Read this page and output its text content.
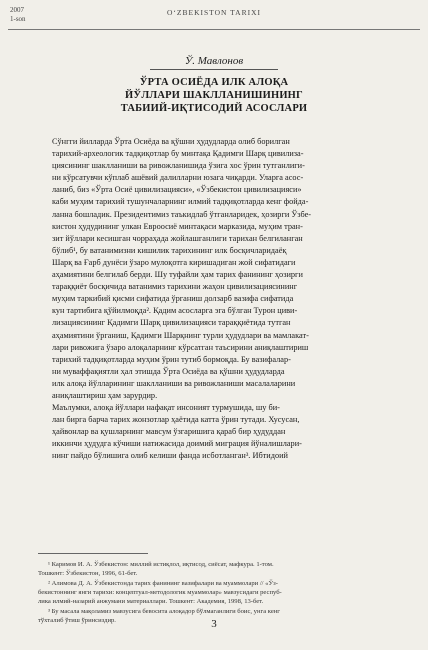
2007
1-son
O‘ZBEKISTON TARIXI
Ў. Мавлонов
ЎРТА ОСИЁДА ИЛК АЛОҚА
ЙЎЛЛАРИ ШАКЛЛАНИШИНИНГ
ТАБИИЙ-ИҚТИСОДИЙ АСОСЛАРИ

Сўнгги йилларда Ўрта Осиёда ва қўшни ҳудудларда олиб борилган
тарихий-археологик тадқиқотлар бу минтақа Қадимги Шарқ цивилиза-
циясининг шаклланиши ва ривожланишида ўзига хос ўрин тутганлиги-
ни кўрсатувчи кўплаб ашёвий далилларни юзага чиқарди. Уларга асос-
ланиб, биз «Ўрта Осиё цивилизацияси», «Ўзбекистон цивилизацияси»
каби муҳим тарихий тушунчаларнинг илмий тадқиқотларда кенг фойда-
ланна бошладик. Президентимиз таъкидлаб ўтганларидек, ҳозирги Ўзбе-
кистон ҳудудининг улкан Евроосиё минтақаси марказида, муҳим тран-
зит йўллари кесишган чорраҳада жойлашганлиги тарихан белгиланган
бўлиб¹, бу ватанимизни кишилик тарихининг илк босқичларидаёқ
Шарқ ва Ғарб дунёси ўзаро мулоқотга киришадиган жой сифатидаги
аҳамиятини белгилаб берди. Шу туфайли ҳам тарих фанининг ҳозирги
тараққиёт босқичида ватанимиз тарихини жаҳон цивилизациясининг
муҳим таркибий қисми сифатида ўрганиш долзарб вазифа сифатида
кун тартибига қўйилмоқда². Қадим асосларга эга бўлган Турон циви-
лизациясининг Қадимги Шарқ цивилизацияси тараққиётида тутган
аҳамиятини ўрганиш, Қадимги Шарқнинг турли ҳудудлари ва мамлакат-
лари ривожига ўзаро алоқаларнинг кўрсатган таъсирини аниқлаштириш
тарихий тадқиқотларда муҳим ўрин тутиб бормоқда. Бу вазифалар-
ни муваффақиятли ҳал этишда Ўрта Осиёда ва қўшни ҳудудларда
илк алоқа йўлларининг шаклланиши ва ривожланиши масалаларини
аниқлаштириш ҳам зарурдир.

Маълумки, алоқа йўллари нафақат инсоният турмушида, шу би-
лан бирга барча тарих жонзотлар ҳаётида катта ўрин тутади. Хусусан,
ҳайвонлар ва қушларнинг мавсум ўзгаришига қараб бир ҳудуддан
иккинчи ҳудудга кўчиши натижасида доимий миграция йўналишлари-
нинг пайдо бўлишига олиб келиши фанда исботланган³. Ибтидоий

¹ Каримов И. А. Ўзбекистон: миллий истиқлол, иқтисод, сиёсат, мафкура. 1-том.
Тошкент: Ўзбекистон, 1996, 61-бет.
² Алимова Д. А. Ўзбекистонда тарих фанининг вазифалари ва муаммолари // «Ўз-
бекистоннинг янги тарихи: концептуал-методологик муаммолар» мавзусидаги респуб-
лика илмий-назарий анжумани материаллари. Тошкент: Академия, 1998, 13-бет.
³ Бу масала мақоламиз мавзусига бевосита алоқадор бўлмаганлиги боис, унга кенг
тўхталиб ўтиш ўринсиздир.	3
